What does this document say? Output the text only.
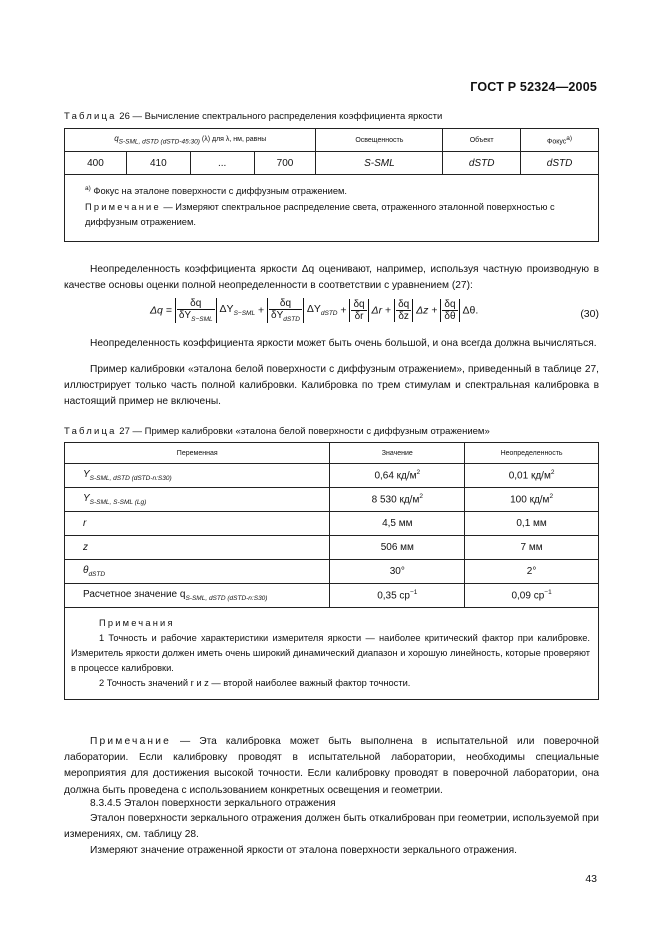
ГОСТ Р 52324—2005
Таблица 26 — Вычисление спектрального распределения коэффициента яркости
$q_{S-SML, dSTD (dSTD-45:30)}$ (λ) для λ, нм, равны				Освещенность	Объект	Фокус$^{a)}$
400	410	...	700	S-SML	dSTD	dSTD

$^{a)}$ Фокус на эталоне поверхности с диффузным отражением.
Примечание — Измеряют спектральное распределение света, отраженного эталонной поверхностью с диффузным отражением.						
Неопределенность коэффициента яркости Δq оценивают, например, используя частную производную в качестве основы оценки полной неопределенности в соответствии с уравнением (27):
$\Delta q = \frac{\delta q}{\delta Y_{S-SML}} \Delta Y_{S-SML} + \frac{\delta q}{\delta Y_{dSTD}} \Delta Y_{dSTD} + \frac{\delta q}{\delta r}$ $\Delta r + \frac{\delta q}{\delta z}$ $\Delta z + \frac{\delta q}{\delta\theta} \Delta\theta$.	(30)
Неопределенность коэффициента яркости может быть очень большой, и она всегда должна вычисляться.
Пример калибровки «эталона белой поверхности с диффузным отражением», приведенный в таблице 27, иллюстрирует только часть полной калибровки. Калибровка по трем стимулам и спектральная калибровка в настоящий пример не включены.
Таблица 27 — Пример калибровки «эталона белой поверхности с диффузным отражением»
Переменная	Значение	Неопределенность
$Y_{S-SML, dSTD (dSTD-n:S30)}$	0,64 $кд/м^2$	0,01 $кд/м^2$
$Y_{S-SML, S-SML (Lg)}$	8 530 $кд/м^2$	100 $кд/м^2$
r	4,5 мм	0,1 мм
z	506 мм	7 мм
$\theta_{dSTD}$	30°	2°
Расчетное значение $q_{S-SML, dSTD (dSTD-n:S30)}$	0,35 $ср^{-1}$	0,09 $ср^{-1}$

Примечания
1 Точность и рабочие характеристики измерителя яркости — наиболее критический фактор при калибровке. Измеритель яркости должен иметь очень широкий динамический диапазон и хорошую линейность, которые проверяют в процессе калибровки.
2 Точность значений r и z — второй наиболее важный фактор точности.		
Примечание — Эта калибровка может быть выполнена в испытательной или поверочной лаборатории. Если калибровку проводят в испытательной лаборатории, необходимы специальные мероприятия для достижения высокой точности. Если калибровку проводят в поверочной лаборатории, она должна быть проведена с использованием конкретных освещения и геометрии.
8.3.4.5 Эталон поверхности зеркального отражения
Эталон поверхности зеркального отражения должен быть откалиброван при геометрии, используемой при измерениях, см. таблицу 28.
Измеряют значение отраженной яркости от эталона поверхности зеркального отражения.
43
